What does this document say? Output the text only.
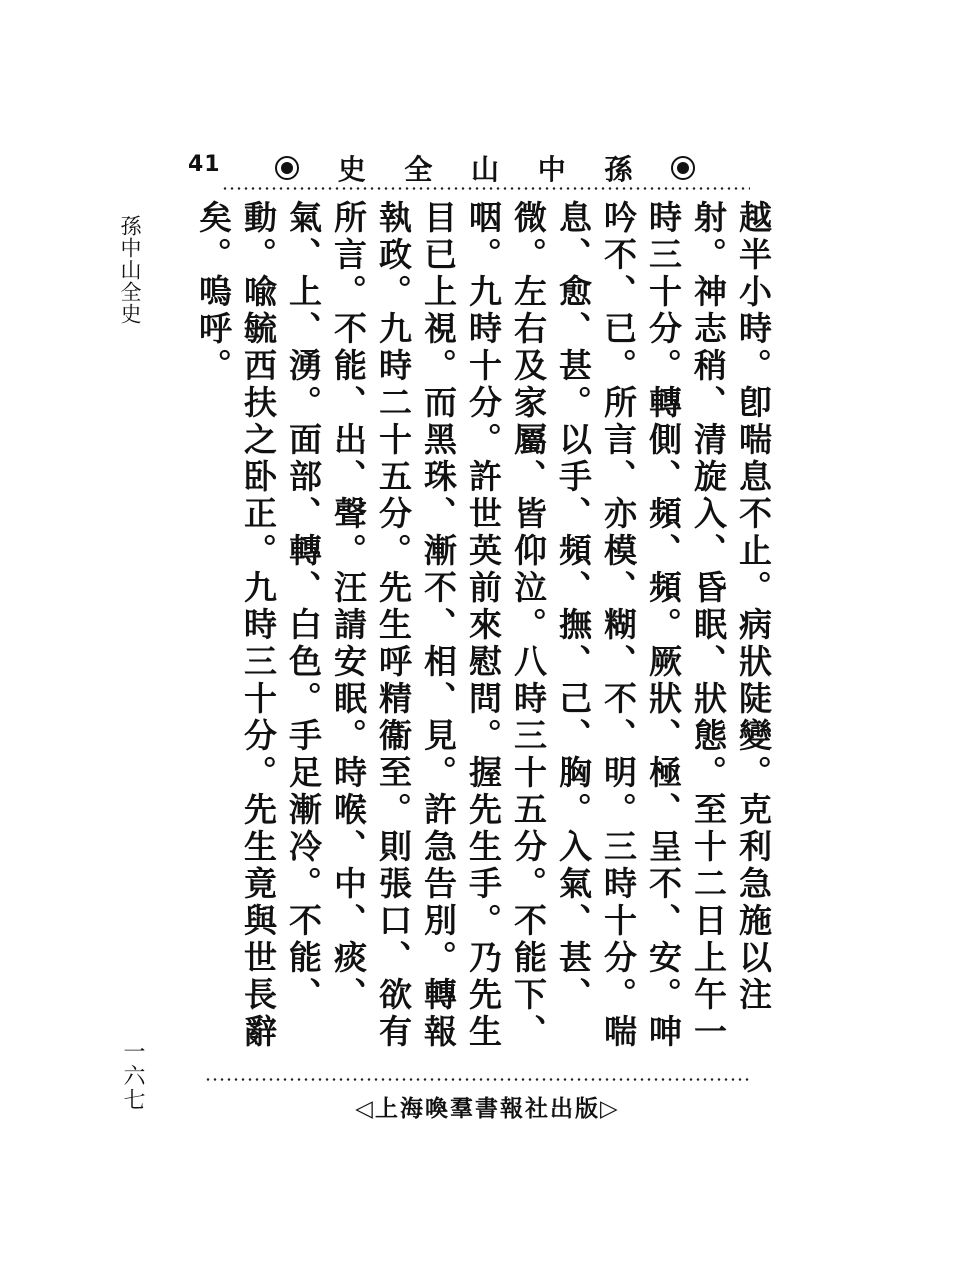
41	孫
中
山
全
史
孫中山全史	越半小時。卽喘息不止。病狀陡變。克利急施以注射。神志稍、清旋入、昏眠、狀態。至十二日上午一時三十分。轉側、頻、頻。厥狀、極、呈不、安。呻吟不、已。所言、亦模、糊、不、明。三時十分。喘息、愈、甚。以手、頻、撫、己、胸。入氣、甚、微。左右及家屬、皆仰泣。八時三十五分。不能下、咽。九時十分。許世英前來慰問。握先生手。乃先生目已上視。而黑珠、漸不、相、見。許急告別。轉報執政。九時二十五分。先生呼精衞至。則張口、欲有所言。不能、出、聲。汪請安眠。時喉、中、痰、氣、上、湧。面部、轉、白色。手足漸冷。不能、動。喩毓西扶之卧正。九時三十分。先生竟與世長辭矣。嗚呼。
一六七	◁上海喚羣書報社出版▷
